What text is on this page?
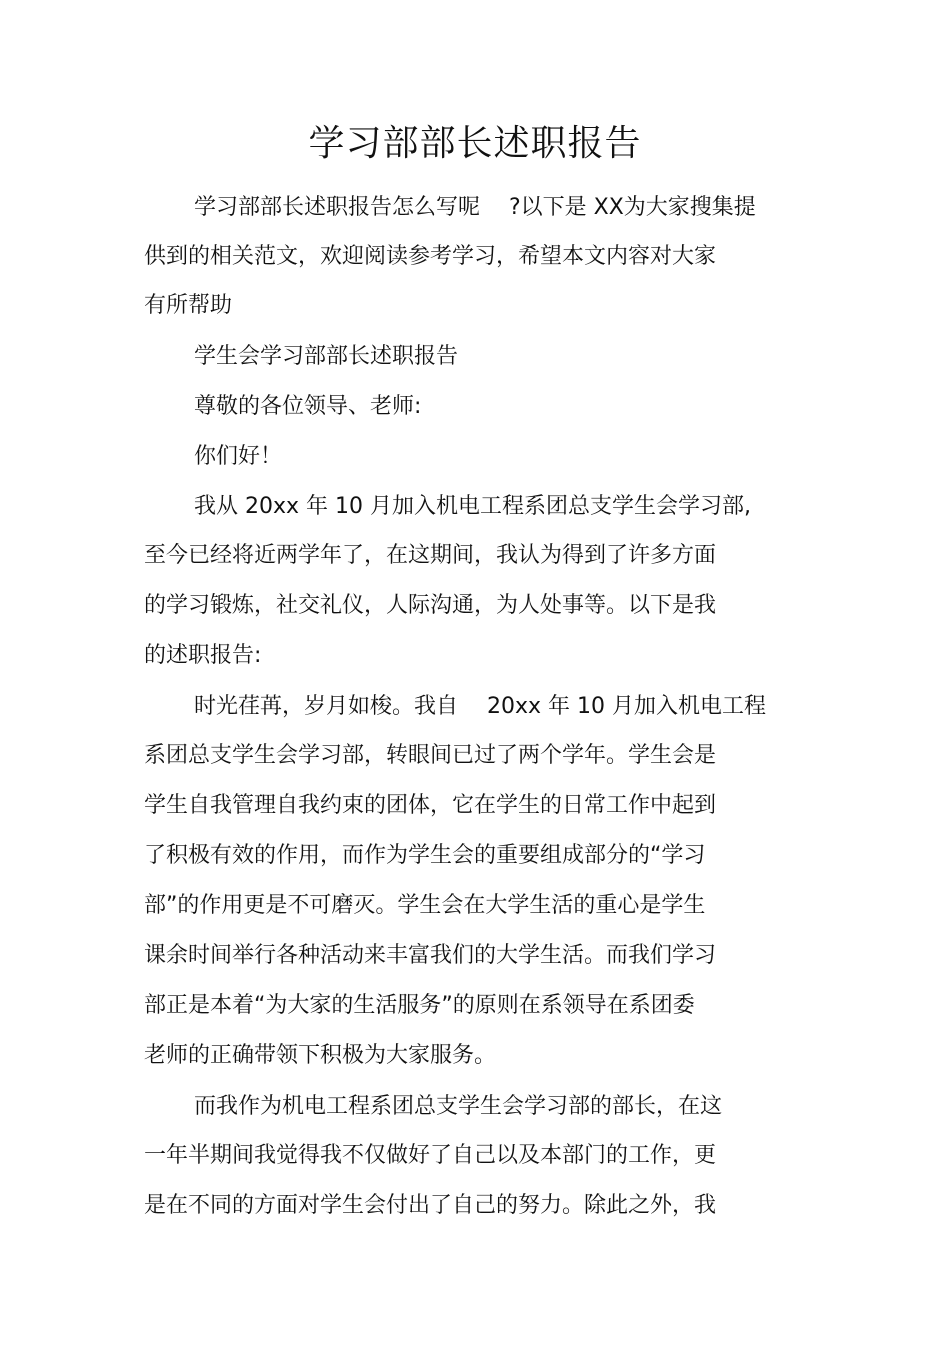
学习部部长述职报告
学习部部长述职报告怎么写呢　 ?以下是 XX为大家搜集提
供到的相关范文，欢迎阅读参考学习，希望本文内容对大家
有所帮助
学生会学习部部长述职报告
尊敬的各位领导、老师:
你们好！
我从 20xx 年 10 月加入机电工程系团总支学生会学习部,
至今已经将近两学年了，在这期间，我认为得到了许多方面
的学习锻炼，社交礼仪，人际沟通，为人处事等。以下是我
的述职报告:
时光荏苒，岁月如梭。我自　 20xx 年 10 月加入机电工程
系团总支学生会学习部，转眼间已过了两个学年。学生会是
学生自我管理自我约束的团体，它在学生的日常工作中起到
了积极有效的作用，而作为学生会的重要组成部分的“学习
部”的作用更是不可磨灭。学生会在大学生活的重心是学生
课余时间举行各种活动来丰富我们的大学生活。而我们学习
部正是本着“为大家的生活服务”的原则在系领导在系团委
老师的正确带领下积极为大家服务。
而我作为机电工程系团总支学生会学习部的部长，在这
一年半期间我觉得我不仅做好了自己以及本部门的工作，更
是在不同的方面对学生会付出了自己的努力。除此之外，我
